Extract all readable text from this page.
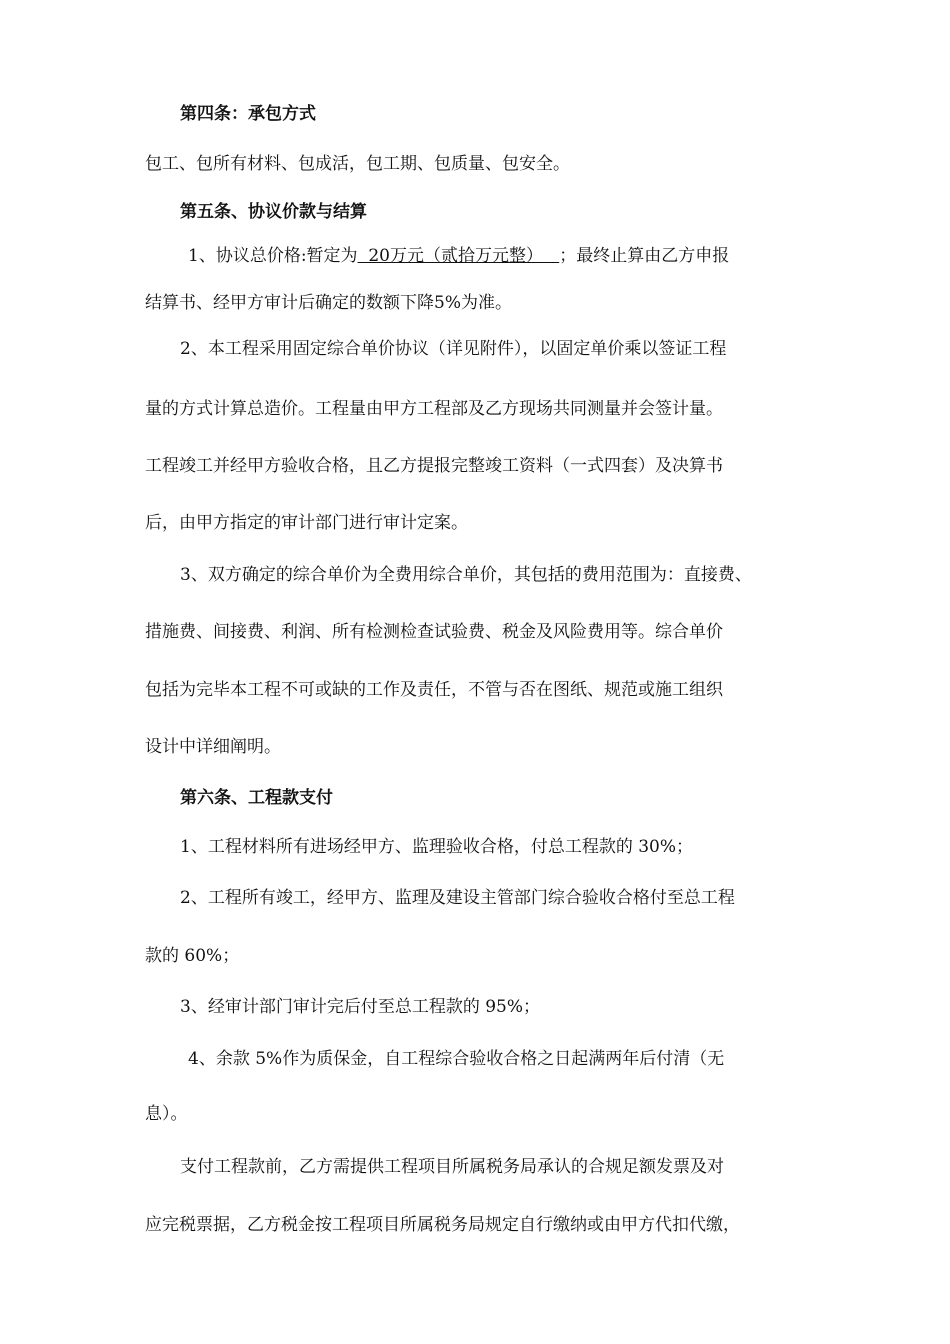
第四条：承包方式
包工、包所有材料、包成活，包工期、包质量、包安全。
第五条、协议价款与结算
1、协议总价格:暂定为  20万元（贰拾万元整）   ；最终止算由乙方申报
结算书、经甲方审计后确定的数额下降5%为准。
2、本工程采用固定综合单价协议（详见附件），以固定单价乘以签证工程
量的方式计算总造价。工程量由甲方工程部及乙方现场共同测量并会签计量。
工程竣工并经甲方验收合格，且乙方提报完整竣工资料（一式四套）及决算书
后，由甲方指定的审计部门进行审计定案。
3、双方确定的综合单价为全费用综合单价，其包括的费用范围为：直接费、
措施费、间接费、利润、所有检测检查试验费、税金及风险费用等。综合单价
包括为完毕本工程不可或缺的工作及责任，不管与否在图纸、规范或施工组织
设计中详细阐明。
第六条、工程款支付
1、工程材料所有进场经甲方、监理验收合格，付总工程款的 30%；
2、工程所有竣工，经甲方、监理及建设主管部门综合验收合格付至总工程
款的 60%；
3、经审计部门审计完后付至总工程款的 95%；
4、余款 5%作为质保金，自工程综合验收合格之日起满两年后付清（无
息）。
支付工程款前，乙方需提供工程项目所属税务局承认的合规足额发票及对
应完税票据，乙方税金按工程项目所属税务局规定自行缴纳或由甲方代扣代缴，
